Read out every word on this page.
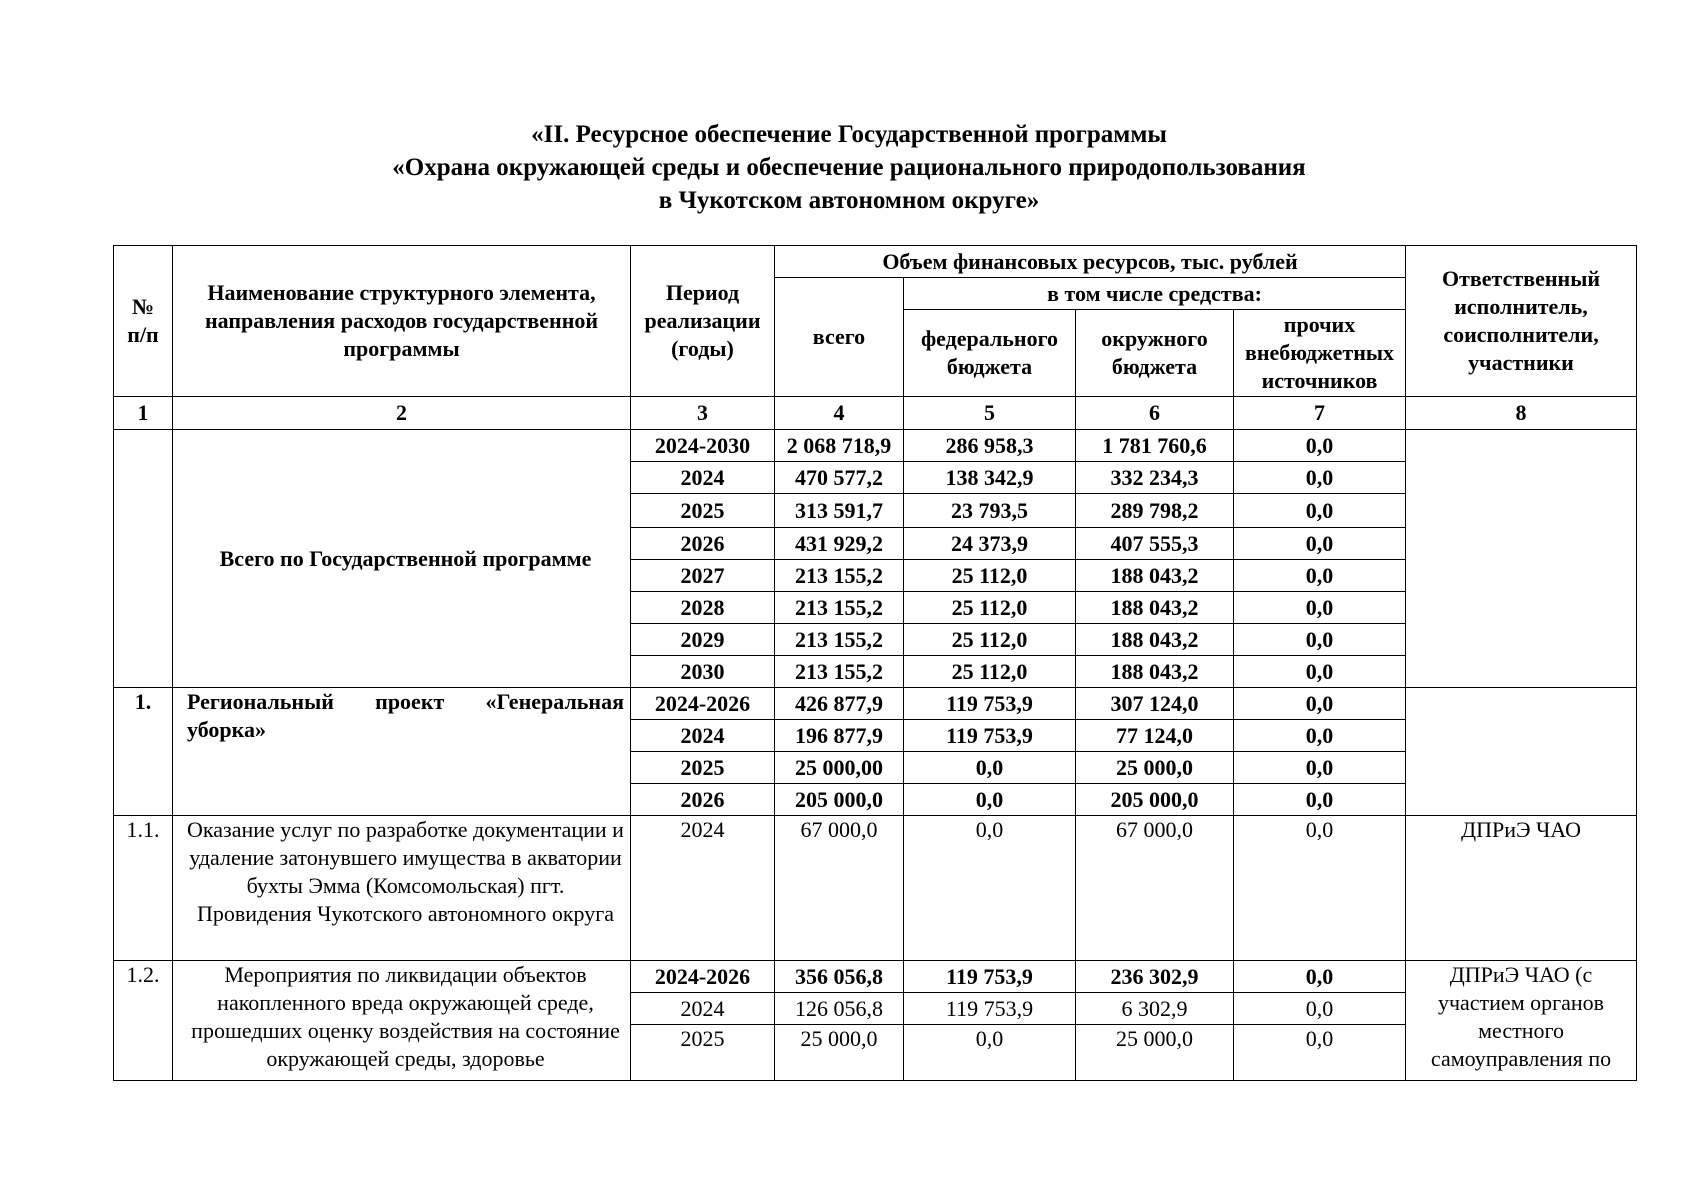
«II. Ресурсное обеспечение Государственной программы
«Охрана окружающей среды и обеспечение рационального природопользования
в Чукотском автономном округе»
№ п/п	Наименование структурного элемента, направления расходов государственной программы	Период реализации (годы)	Объем финансовых ресурсов, тыс. рублей				Ответственный исполнитель, соисполнители, участники
			всего	в том числе средства:			
				федерального бюджета	окружного бюджета	прочих внебюджетных источников	
1	2	3	4	5	6	7	8
	Всего по Государственной программе	2024-2030	2 068 718,9	286 958,3	1 781 760,6	0,0	
		2024	470 577,2	138 342,9	332 234,3	0,0	
		2025	313 591,7	23 793,5	289 798,2	0,0	
		2026	431 929,2	24 373,9	407 555,3	0,0	
		2027	213 155,2	25 112,0	188 043,2	0,0	
		2028	213 155,2	25 112,0	188 043,2	0,0	
		2029	213 155,2	25 112,0	188 043,2	0,0	
		2030	213 155,2	25 112,0	188 043,2	0,0	
1.	Региональный проект «Генеральная
уборка»	2024-2026	426 877,9	119 753,9	307 124,0	0,0	
		2024	196 877,9	119 753,9	77 124,0	0,0	
		2025	25 000,00	0,0	25 000,0	0,0	
		2026	205 000,0	0,0	205 000,0	0,0	
1.1.	Оказание услуг по разработке документации и удаление затонувшего имущества в акватории бухты Эмма (Комсомольская) пгт. Провидения Чукотского автономного округа	2024	67 000,0	0,0	67 000,0	0,0	ДПРиЭ ЧАО
1.2.	Мероприятия по ликвидации объектов накопленного вреда окружающей среде, прошедших оценку воздействия на состояние окружающей среды, здоровье	2024-2026	356 056,8	119 753,9	236 302,9	0,0	ДПРиЭ ЧАО (с участием органов местного самоуправления по
		2024	126 056,8	119 753,9	6 302,9	0,0	
		2025	25 000,0	0,0	25 000,0	0,0	
